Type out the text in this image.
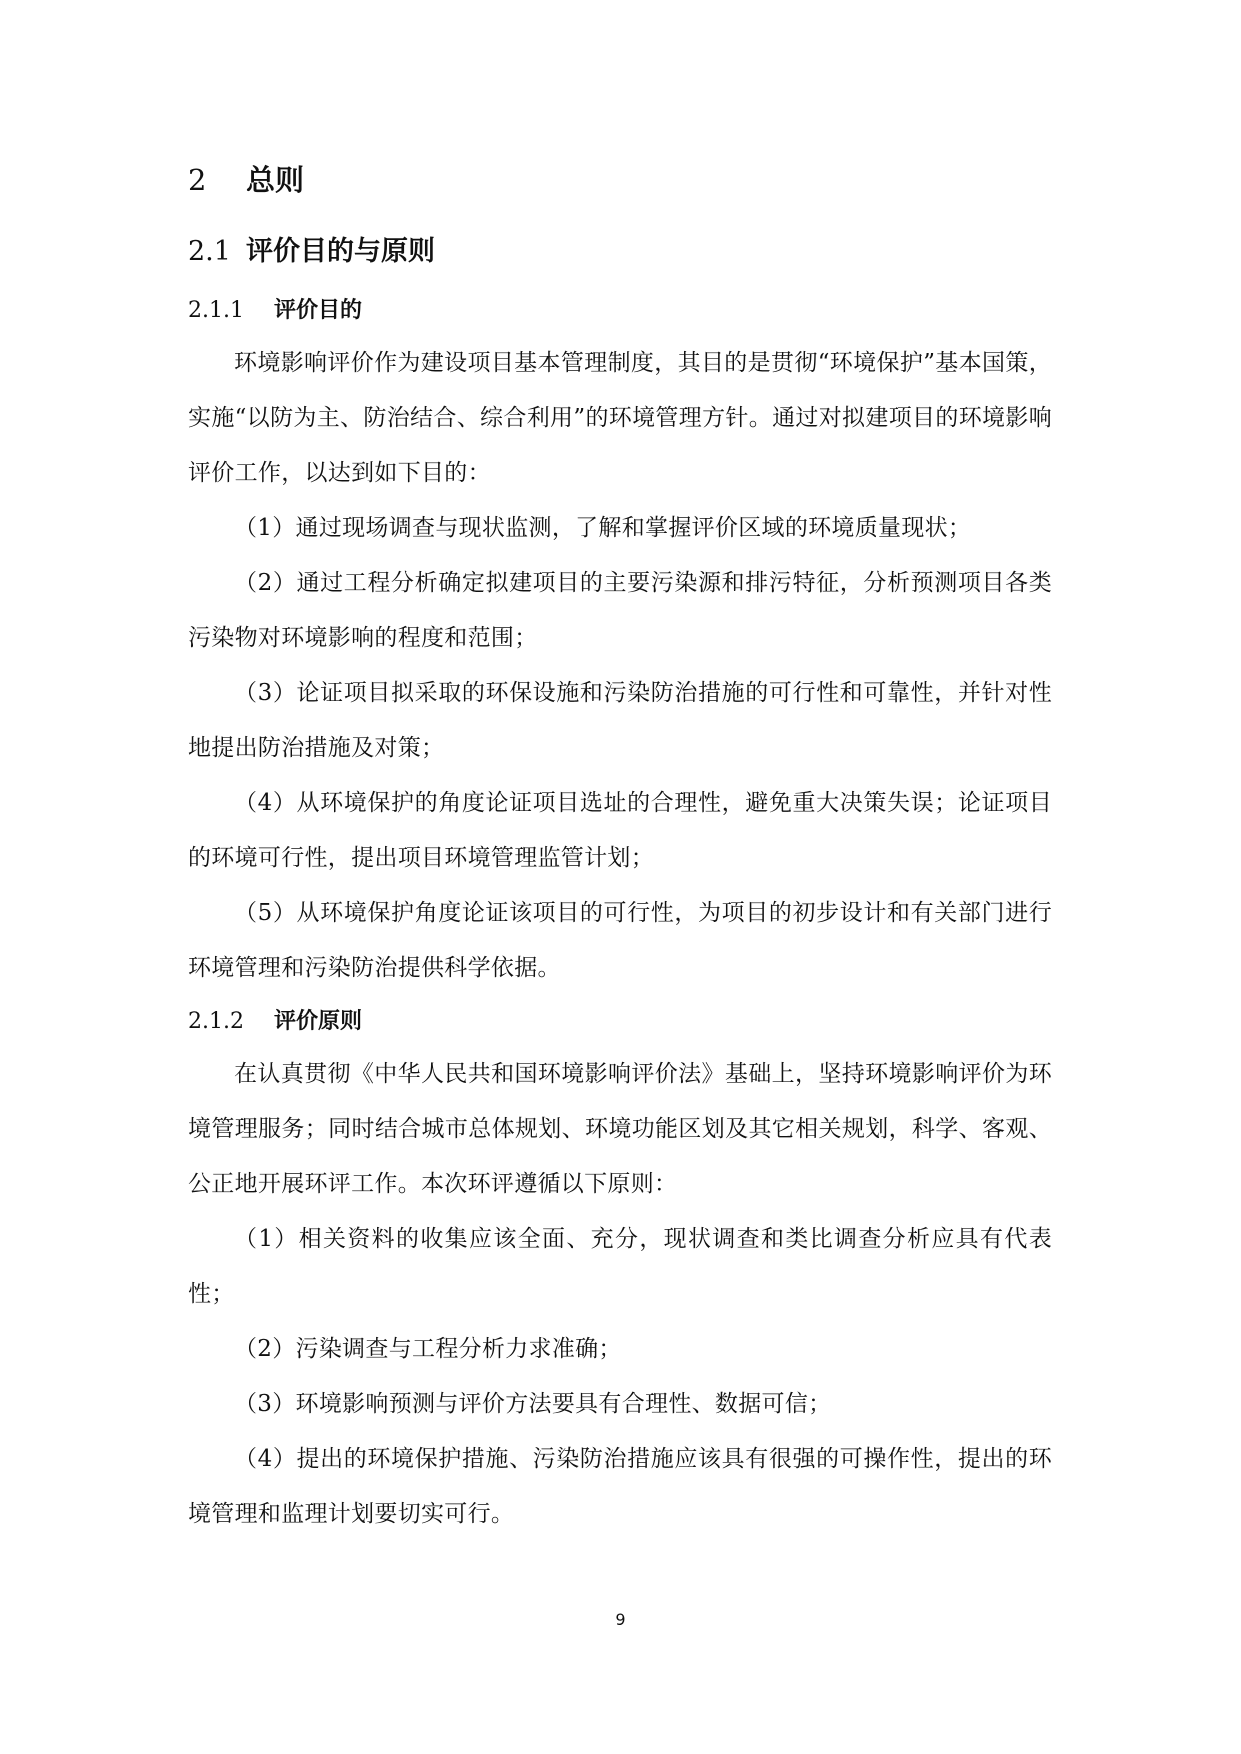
2 总则
2.1 评价目的与原则
2.1.1 评价目的

环境影响评价作为建设项目基本管理制度，其目的是贯彻“环境保护”基本国策，实施“以防为主、防治结合、综合利用”的环境管理方针。通过对拟建项目的环境影响评价工作，以达到如下目的：

（1）通过现场调查与现状监测，了解和掌握评价区域的环境质量现状；

（2）通过工程分析确定拟建项目的主要污染源和排污特征，分析预测项目各类污染物对环境影响的程度和范围；

（3）论证项目拟采取的环保设施和污染防治措施的可行性和可靠性，并针对性地提出防治措施及对策；

（4）从环境保护的角度论证项目选址的合理性，避免重大决策失误；论证项目的环境可行性，提出项目环境管理监管计划；

（5）从环境保护角度论证该项目的可行性，为项目的初步设计和有关部门进行环境管理和污染防治提供科学依据。

2.1.2 评价原则

在认真贯彻《中华人民共和国环境影响评价法》基础上，坚持环境影响评价为环境管理服务；同时结合城市总体规划、环境功能区划及其它相关规划，科学、客观、公正地开展环评工作。本次环评遵循以下原则：

（1）相关资料的收集应该全面、充分，现状调查和类比调查分析应具有代表性；

（2）污染调查与工程分析力求准确；

（3）环境影响预测与评价方法要具有合理性、数据可信；

（4）提出的环境保护措施、污染防治措施应该具有很强的可操作性，提出的环境管理和监理计划要切实可行。

9
